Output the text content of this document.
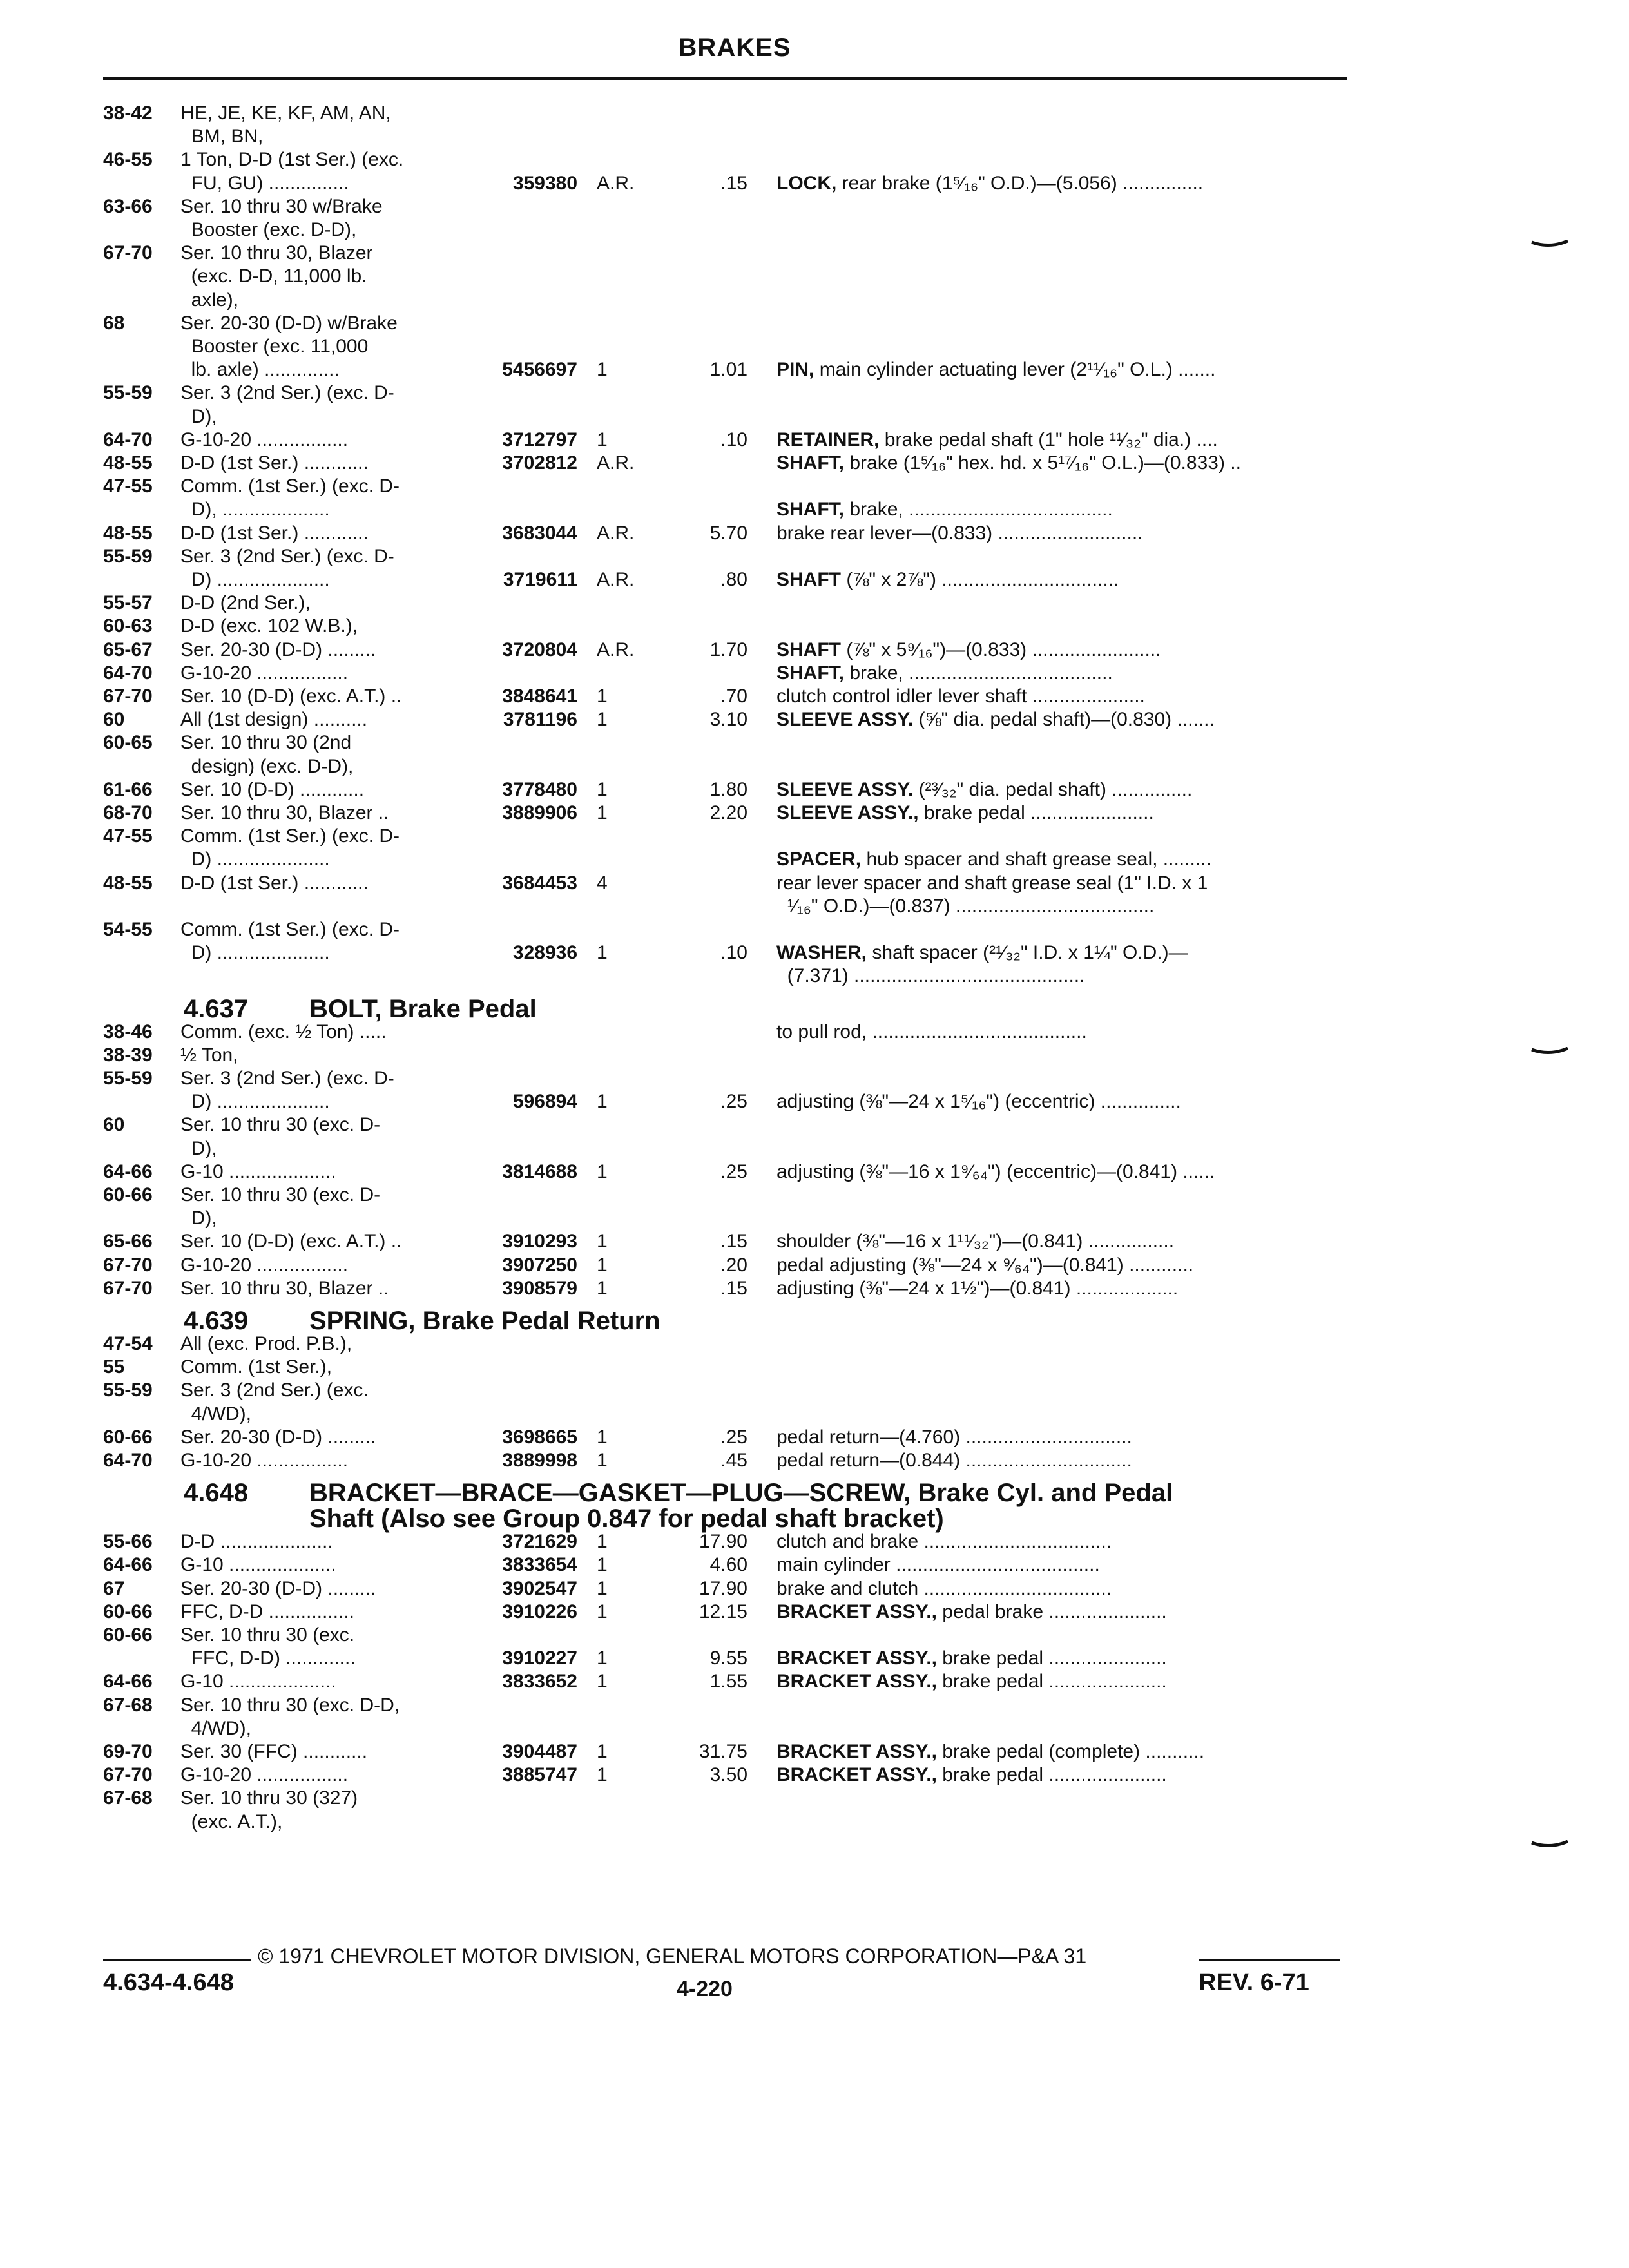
BRAKES
38-42	HE, JE, KE, KF, AM, AN,
BM, BN,
46-55	1 Ton, D-D (1st Ser.) (exc.
FU, GU) ...............	359380	A.R.	.15 LOCK, rear brake (1⁵⁄₁₆" O.D.)—(5.056) ...............
63-66	Ser. 10 thru 30 w/Brake
Booster (exc. D-D),
67-70	Ser. 10 thru 30, Blazer
(exc. D-D, 11,000 lb.
axle),
68	Ser. 20-30 (D-D) w/Brake
Booster (exc. 11,000
lb. axle) ..............	5456697	1	1.01 PIN, main cylinder actuating lever (2¹¹⁄₁₆" O.L.) .......
55-59	Ser. 3 (2nd Ser.) (exc. D-
D),
64-70	G-10-20 .................	3712797	1	.10 RETAINER, brake pedal shaft (1" hole ¹¹⁄₃₂" dia.) ....
48-55	D-D (1st Ser.) ............	3702812	A.R.	SHAFT, brake (1⁵⁄₁₆" hex. hd. x 5¹⁷⁄₁₆" O.L.)—(0.833) ..
47-55	Comm. (1st Ser.) (exc. D-
D), ....................	SHAFT, brake, ......................................
48-55	D-D (1st Ser.) ............	3683044	A.R.	5.70 brake rear lever—(0.833) ...........................
55-59	Ser. 3 (2nd Ser.) (exc. D-
D) .....................	3719611	A.R.	.80 SHAFT (⅞" x 2⅞") .................................
55-57	D-D (2nd Ser.),
60-63	D-D (exc. 102 W.B.),
65-67	Ser. 20-30 (D-D) .........	3720804	A.R.	1.70 SHAFT (⅞" x 5⁹⁄₁₆")—(0.833) ........................
64-70	G-10-20 .................	SHAFT, brake, ......................................
67-70	Ser. 10 (D-D) (exc. A.T.) ..	3848641	1	.70 clutch control idler lever shaft .....................
60	All (1st design) ..........	3781196	1	3.10 SLEEVE ASSY. (⅝" dia. pedal shaft)—(0.830) .......
60-65	Ser. 10 thru 30 (2nd
design) (exc. D-D),
61-66	Ser. 10 (D-D) ............	3778480	1	1.80 SLEEVE ASSY. (²³⁄₃₂" dia. pedal shaft) ...............
68-70	Ser. 10 thru 30, Blazer ..	3889906	1	2.20 SLEEVE ASSY., brake pedal .......................
47-55	Comm. (1st Ser.) (exc. D-
D) .....................	SPACER, hub spacer and shaft grease seal, .........
48-55	D-D (1st Ser.) ............	3684453	4	rear lever spacer and shaft grease seal (1" I.D. x 1
¹⁄₁₆" O.D.)—(0.837) .....................................
54-55	Comm. (1st Ser.) (exc. D-
D) .....................	328936	1	.10 WASHER, shaft spacer (²¹⁄₃₂" I.D. x 1¼" O.D.)—
(7.371) ...........................................
4.637 BOLT, Brake Pedal
38-46	Comm. (exc. ½ Ton) .....	to pull rod, ........................................
38-39	½ Ton,
55-59	Ser. 3 (2nd Ser.) (exc. D-
D) .....................	596894	1	.25 adjusting (⅜"—24 x 1⁵⁄₁₆") (eccentric) ...............
60	Ser. 10 thru 30 (exc. D-
D),
64-66	G-10 ....................	3814688	1	.25 adjusting (⅜"—16 x 1⁹⁄₆₄") (eccentric)—(0.841) ......
60-66	Ser. 10 thru 30 (exc. D-
D),
65-66	Ser. 10 (D-D) (exc. A.T.) ..	3910293	1	.15 shoulder (⅜"—16 x 1¹¹⁄₃₂")—(0.841) ................
67-70	G-10-20 .................	3907250	1	.20 pedal adjusting (⅜"—24 x ⁹⁄₆₄")—(0.841) ............
67-70	Ser. 10 thru 30, Blazer ..	3908579	1	.15 adjusting (⅜"—24 x 1½")—(0.841) ...................
4.639 SPRING, Brake Pedal Return
47-54	All (exc. Prod. P.B.),
55	Comm. (1st Ser.),
55-59	Ser. 3 (2nd Ser.) (exc.
4/WD),
60-66	Ser. 20-30 (D-D) .........	3698665	1	.25 pedal return—(4.760) ...............................
64-70	G-10-20 .................	3889998	1	.45 pedal return—(0.844) ...............................
4.648 BRACKET—BRACE—GASKET—PLUG—SCREW, Brake Cyl. and Pedal
Shaft (Also see Group 0.847 for pedal shaft bracket)
55-66	D-D .....................	3721629	1	17.90 clutch and brake ...................................
64-66	G-10 ....................	3833654	1	4.60 main cylinder ......................................
67	Ser. 20-30 (D-D) .........	3902547	1	17.90 brake and clutch ...................................
60-66	FFC, D-D ................	3910226	1	12.15 BRACKET ASSY., pedal brake ......................
60-66	Ser. 10 thru 30 (exc.
FFC, D-D) .............	3910227	1	9.55 BRACKET ASSY., brake pedal ......................
64-66	G-10 ....................	3833652	1	1.55 BRACKET ASSY., brake pedal ......................
67-68	Ser. 10 thru 30 (exc. D-D,
4/WD),
69-70	Ser. 30 (FFC) ............	3904487	1	31.75 BRACKET ASSY., brake pedal (complete) ...........
67-70	G-10-20 .................	3885747	1	3.50 BRACKET ASSY., brake pedal ......................
67-68	Ser. 10 thru 30 (327)
(exc. A.T.),
© 1971 CHEVROLET MOTOR DIVISION, GENERAL MOTORS CORPORATION—P&A 31
4.634-4.648	4-220	REV. 6-71
